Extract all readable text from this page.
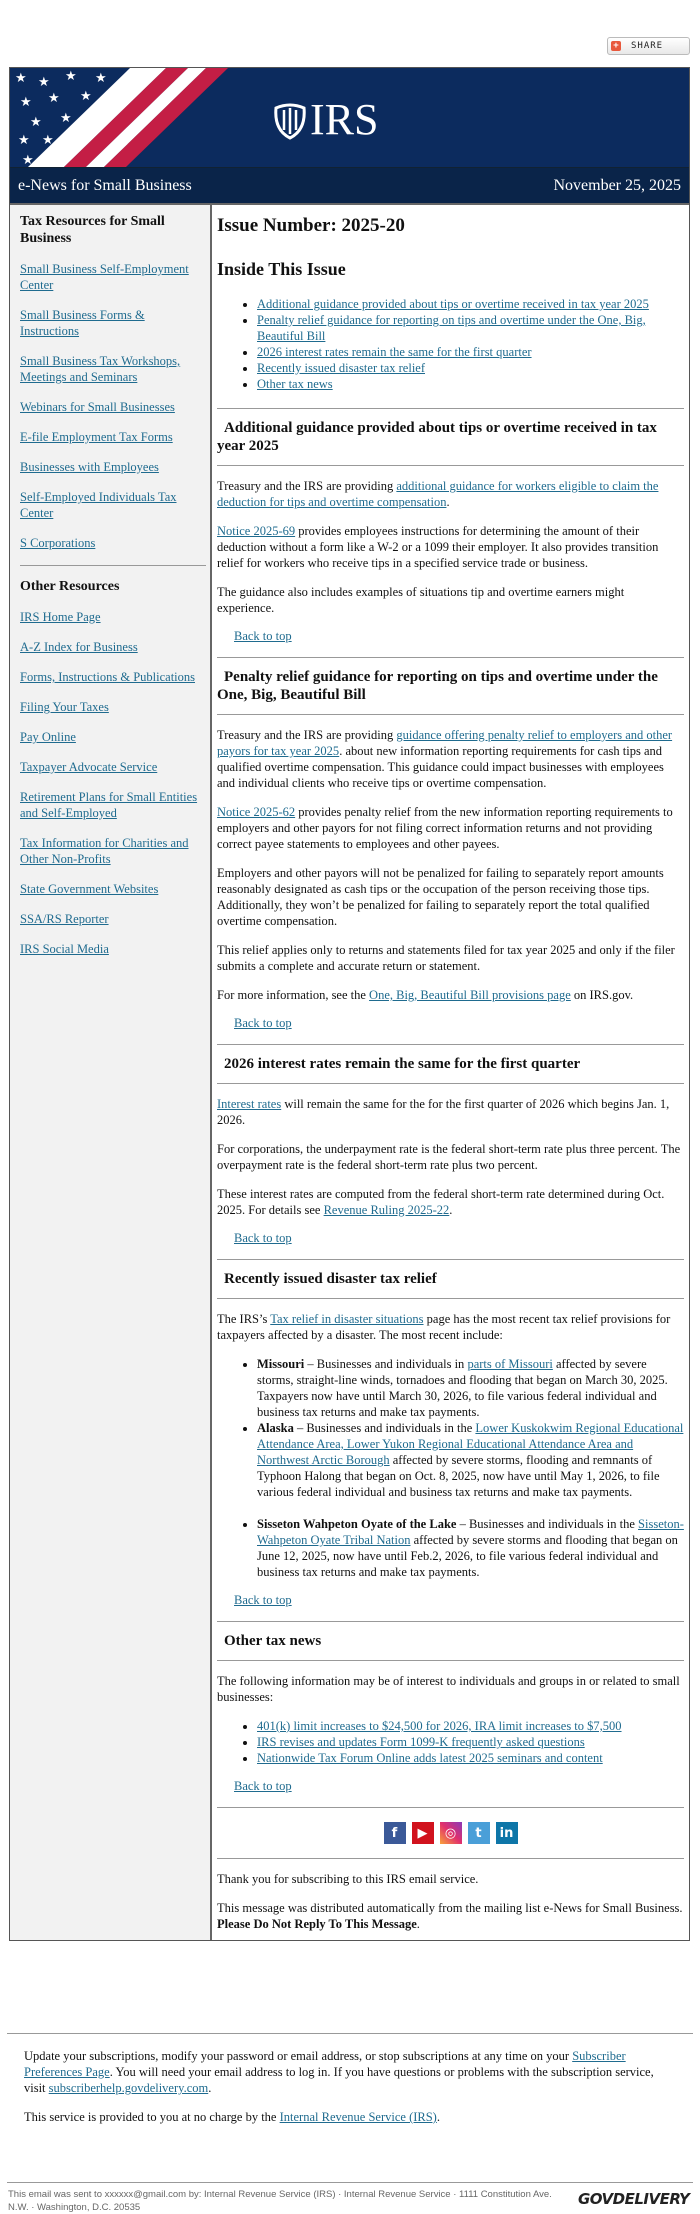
+ SHARE
★ ★ ★ ★
★ ★ ★
★ ★
★ ★
★
IRS
e-News for Small Business	November 25, 2025
Tax Resources for Small Business
Small Business Self-Employment Center
Small Business Forms & Instructions
Small Business Tax Workshops, Meetings and Seminars
Webinars for Small Businesses
E-file Employment Tax Forms
Businesses with Employees
Self-Employed Individuals Tax Center
S Corporations
Other Resources
IRS Home Page
A-Z Index for Business
Forms, Instructions & Publications
Filing Your Taxes
Pay Online
Taxpayer Advocate Service
Retirement Plans for Small Entities and Self-Employed
Tax Information for Charities and Other Non-Profits
State Government Websites
SSA/RS Reporter
IRS Social Media
Issue Number: 2025-20
Inside This Issue
• Additional guidance provided about tips or overtime received in tax year 2025
• Penalty relief guidance for reporting on tips and overtime under the One, Big, Beautiful Bill
• 2026 interest rates remain the same for the first quarter
• Recently issued disaster tax relief
• Other tax news
Additional guidance provided about tips or overtime received in tax year 2025

Treasury and the IRS are providing additional guidance for workers eligible to claim the deduction for tips and overtime compensation.

Notice 2025-69 provides employees instructions for determining the amount of their deduction without a form like a W-2 or a 1099 their employer. It also provides transition relief for workers who receive tips in a specified service trade or business.

The guidance also includes examples of situations tip and overtime earners might experience.

Back to top
Penalty relief guidance for reporting on tips and overtime under the One, Big, Beautiful Bill

Treasury and the IRS are providing guidance offering penalty relief to employers and other payors for tax year 2025. about new information reporting requirements for cash tips and qualified overtime compensation. This guidance could impact businesses with employees and individual clients who receive tips or overtime compensation.

Notice 2025-62 provides penalty relief from the new information reporting requirements to employers and other payors for not filing correct information returns and not providing correct payee statements to employees and other payees.

Employers and other payors will not be penalized for failing to separately report amounts reasonably designated as cash tips or the occupation of the person receiving those tips. Additionally, they won’t be penalized for failing to separately report the total qualified overtime compensation.

This relief applies only to returns and statements filed for tax year 2025 and only if the filer submits a complete and accurate return or statement.

For more information, see the One, Big, Beautiful Bill provisions page on IRS.gov.

Back to top
2026 interest rates remain the same for the first quarter

Interest rates will remain the same for the for the first quarter of 2026 which begins Jan. 1, 2026.

For corporations, the underpayment rate is the federal short-term rate plus three percent. The overpayment rate is the federal short-term rate plus two percent.

These interest rates are computed from the federal short-term rate determined during Oct. 2025. For details see Revenue Ruling 2025-22.

Back to top
Recently issued disaster tax relief

The IRS’s Tax relief in disaster situations page has the most recent tax relief provisions for taxpayers affected by a disaster. The most recent include:

• Missouri – Businesses and individuals in parts of Missouri affected by severe storms, straight-line winds, tornadoes and flooding that began on March 30, 2025. Taxpayers now have until March 30, 2026, to file various federal individual and business tax returns and make tax payments.
• Alaska – Businesses and individuals in the Lower Kuskokwim Regional Educational Attendance Area, Lower Yukon Regional Educational Attendance Area and Northwest Arctic Borough affected by severe storms, flooding and remnants of Typhoon Halong that began on Oct. 8, 2025, now have until May 1, 2026, to file various federal individual and business tax returns and make tax payments.

• Sisseton Wahpeton Oyate of the Lake – Businesses and individuals in the Sisseton-Wahpeton Oyate Tribal Nation affected by severe storms and flooding that began on June 12, 2025, now have until Feb.2, 2026, to file various federal individual and business tax returns and make tax payments.
Back to top
Other tax news

The following information may be of interest to individuals and groups in or related to small businesses:

• 401(k) limit increases to $24,500 for 2026, IRA limit increases to $7,500
• IRS revises and updates Form 1099-K frequently asked questions
• Nationwide Tax Forum Online adds latest 2025 seminars and content
Back to top
f	▶	◎	t	in

Thank you for subscribing to this IRS email service.

This message was distributed automatically from the mailing list e-News for Small Business. Please Do Not Reply To This Message.

Update your subscriptions, modify your password or email address, or stop subscriptions at any time on your Subscriber Preferences Page. You will need your email address to log in. If you have questions or problems with the subscription service, visit subscriberhelp.govdelivery.com.

This service is provided to you at no charge by the Internal Revenue Service (IRS).

This email was sent to xxxxxx@gmail.com by: Internal Revenue Service (IRS) · Internal Revenue Service · 1111 Constitution Ave. N.W. · Washington, D.C. 20535	GOVDELIVERY
